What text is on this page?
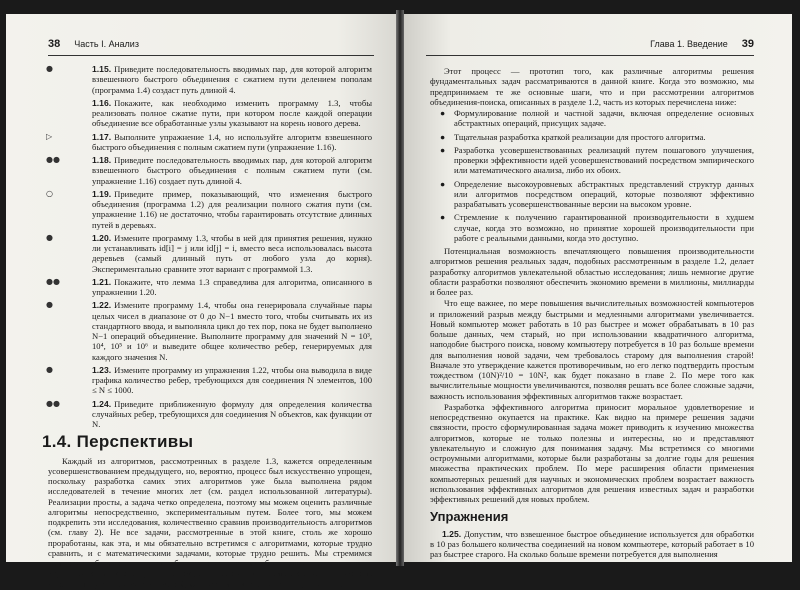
38 Часть I. Анализ
●	1.15. Приведите последовательность вводимых пар, для которой алгоритм взвешенного быстрого объединения с сжатием пути делением пополам (программа 1.4) создаст путь длиной 4.
1.16. Покажите, как необходимо изменить программу 1.3, чтобы реализовать полное сжатие пути, при котором после каждой операции объединение все обработанные узлы указывают на корень нового дерева.
▷	1.17. Выполните упражнение 1.4, но используйте алгоритм взвешенного быстрого объединения с полным сжатием пути (упражнение 1.16).
●●	1.18. Приведите последовательность вводимых пар, для которой алгоритм взвешенного быстрого объединения с полным сжатием пути (см. упражнение 1.16) создает путь длиной 4.
○	1.19. Приведите пример, показывающий, что изменения быстрого объединения (программа 1.2) для реализации полного сжатия пути (см. упражнение 1.16) не достаточно, чтобы гарантировать отсутствие длинных путей в деревьях.
●	1.20. Измените программу 1.3, чтобы в ней для принятия решения, нужно ли устанавливать id[i] = j или id[j] = i, вместо веса использовалась высота деревьев (самый длинный путь от любого узла до корня). Экспериментально сравните этот вариант с программой 1.3.
●●	1.21. Покажите, что лемма 1.3 справедлива для алгоритма, описанного в упражнении 1.20.
●	1.22. Измените программу 1.4, чтобы она генерировала случайные пары целых чисел в диапазоне от 0 до N−1 вместо того, чтобы считывать их из стандартного ввода, и выполняла цикл до тех пор, пока не будет выполнено N−1 операций объединение. Выполните программу для значений N = 10³, 10⁴, 10⁵ и 10⁶ и выведите общее количество ребер, генерируемых для каждого значения N.
●	1.23. Измените программу из упражнения 1.22, чтобы она выводила в виде графика количество ребер, требующихся для соединения N элементов, 100 ≤ N ≤ 1000.
●●	1.24. Приведите приближенную формулу для определения количества случайных ребер, требующихся для соединения N объектов, как функции от N.
1.4. Перспективы

Каждый из алгоритмов, рассмотренных в разделе 1.3, кажется определенным усовершенствованием предыдущего, но, вероятно, процесс был искусственно упрощен, поскольку разработка самих этих алгоритмов уже была выполнена рядом исследователей в течение многих лет (см. раздел использованной литературы). Реализации просты, а задача четко определена, поэтому мы можем оценить различные алгоритмы непосредственно, экспериментальным путем. Более того, мы можем подкрепить эти исследования, количественно сравнив производительность алгоритмов (см. главу 2). Не все задачи, рассмотренные в этой книге, столь же хорошо проработаны, как эта, и мы обязательно встретимся с алгоритмами, которые трудно сравнить, и с математическими задачами, которые трудно решить. Мы стремимся принимать объективные научно обоснованные решения об используемых алгоритмах, изучая свойства реализаций на примере их выполнения применительно к реальным данным, полученным из приложений, или случайным тестовым наборам данных.

Глава 1. Введение 39

Этот процесс — прототип того, как различные алгоритмы решения фундаментальных задач рассматриваются в данной книге. Когда это возможно, мы предпринимаем те же основные шаги, что и при рассмотрении алгоритмов объединения-поиска, описанных в разделе 1.2, часть из которых перечислена ниже:

● Формулирование полной и частной задачи, включая определение основных абстрактных операций, присущих задаче.
● Тщательная разработка краткой реализации для простого алгоритма.
● Разработка усовершенствованных реализаций путем пошагового улучшения, проверки эффективности идей усовершенствований посредством эмпирического или математического анализа, либо их обоих.
● Определение высокоуровневых абстрактных представлений структур данных или алгоритмов посредством операций, которые позволяют эффективно разрабатывать усовершенствованные версии на высоком уровне.
● Стремление к получению гарантированной производительности в худшем случае, когда это возможно, но принятие хорошей производительности при работе с реальными данными, когда это доступно.

Потенциальная возможность впечатляющего повышения производительности алгоритмов решения реальных задач, подобных рассмотренным в разделе 1.2, делает разработку алгоритмов увлекательной областью исследования; лишь немногие другие области разработки позволяют обеспечить экономию времени в миллионы, миллиарды и более раз.

Что еще важнее, по мере повышения вычислительных возможностей компьютеров и приложений разрыв между быстрыми и медленными алгоритмами увеличивается. Новый компьютер может работать в 10 раз быстрее и может обрабатывать в 10 раз больше данных, чем старый, но при использовании квадратичного алгоритма, наподобие быстрого поиска, новому компьютеру потребуется в 10 раз больше времени для выполнения новой задачи, чем требовалось старому для выполнения старой! Вначале это утверждение кажется противоречивым, но его легко подтвердить простым тождеством (10N)²/10 = 10N², как будет показано в главе 2. По мере того как вычислительные мощности увеличиваются, позволяя решать все более сложные задачи, важность использования эффективных алгоритмов также возрастает.

Разработка эффективного алгоритма приносит моральное удовлетворение и непосредственно окупается на практике. Как видно на примере решения задачи связности, просто сформулированная задача может приводить к изучению множества алгоритмов, которые не только полезны и интересны, но и представляют увлекательную и сложную для понимания задачу. Мы встретимся со многими остроумными алгоритмами, которые были разработаны за долгие годы для решения множества практических проблем. По мере расширения области применения компьютерных решений для научных и экономических проблем возрастает важность использования эффективных алгоритмов для решения известных задач и разработки эффективных решений для новых проблем.

Упражнения
1.25. Допустим, что взвешенное быстрое объединение используется для обработки в 10 раз большего количества соединений на новом компьютере, который работает в 10 раз быстрее старого. На сколько больше времени потребуется для выполнения
